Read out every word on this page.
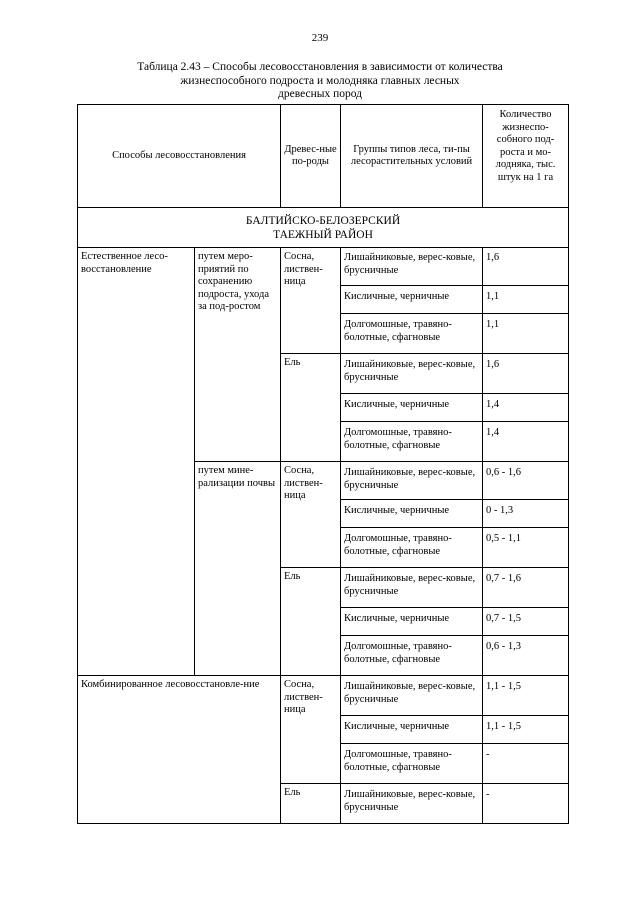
239
Таблица 2.43 – Способы лесовосстановления в зависимости от количества
жизнеспособного подроста и молодняка главных лесных
древесных пород
Способы лесовосстановления		Древес-ные по-роды	Группы типов леса, ти-пы лесорастительных условий	Количество жизнеспо-собного под-роста и мо-лодняка, тыс. штук на 1 га

БАЛТИЙСКО-БЕЛОЗЕРСКИЙ
ТАЕЖНЫЙ РАЙОН				

Естественное лесо-восстановление	путем меро-приятий по сохранению подроста, ухода за под-ростом	Сосна, листвен-ница	Лишайниковые, верес-ковые, брусничные	1,6
			Кисличные, черничные	1,1
			Долгомошные, травяно-болотные, сфагновые	1,1
		Ель	Лишайниковые, верес-ковые, брусничные	1,6
			Кисличные, черничные	1,4
			Долгомошные, травяно-болотные, сфагновые	1,4
	путем мине-рализации почвы	Сосна, листвен-ница	Лишайниковые, верес-ковые, брусничные	0,6 - 1,6
			Кисличные, черничные	0 - 1,3
			Долгомошные, травяно-болотные, сфагновые	0,5 - 1,1
		Ель	Лишайниковые, верес-ковые, брусничные	0,7 - 1,6
			Кисличные, черничные	0,7 - 1,5
			Долгомошные, травяно-болотные, сфагновые	0,6 - 1,3
Комбинированное лесовосстановле-ние		Сосна, листвен-ница	Лишайниковые, верес-ковые, брусничные	1,1 - 1,5
			Кисличные, черничные	1,1 - 1,5
			Долгомошные, травяно-болотные, сфагновые	-
		Ель	Лишайниковые, верес-ковые, брусничные	-
